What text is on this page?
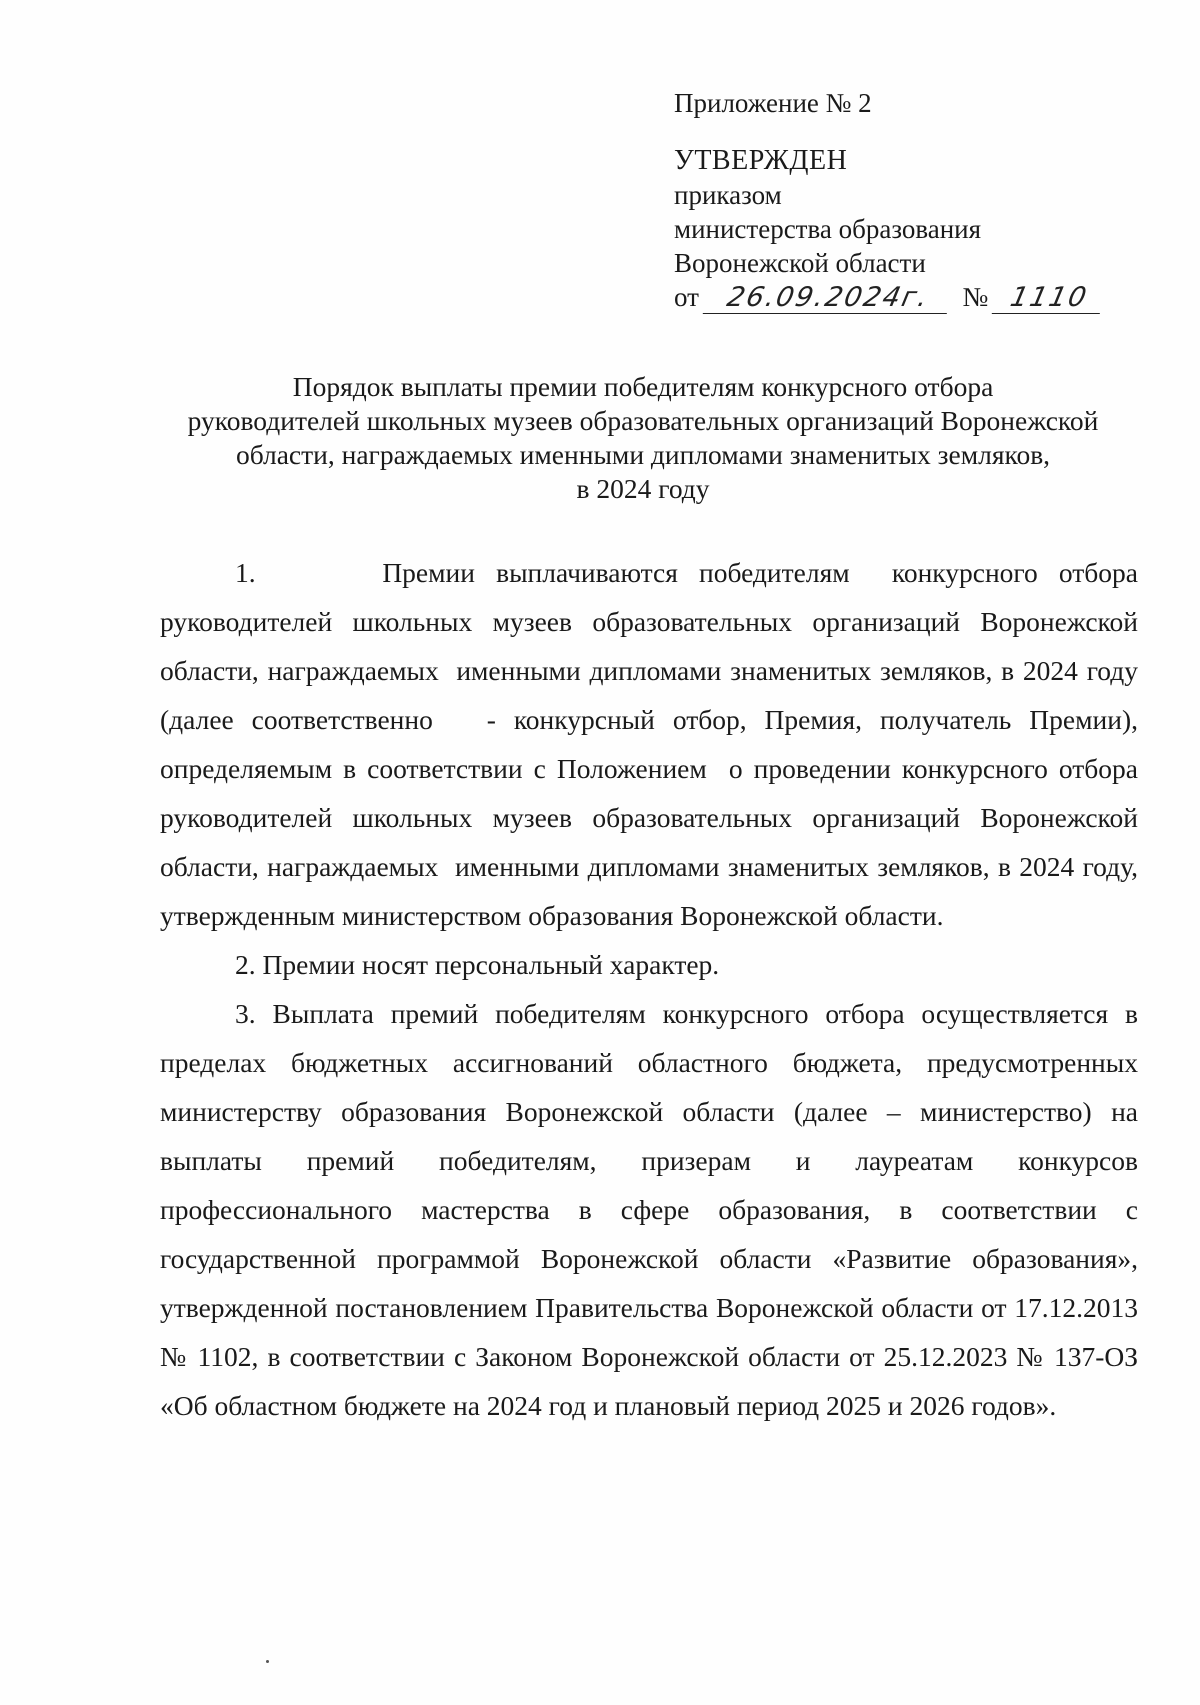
Приложение № 2
УТВЕРЖДЕН
приказом
министерства образования
Воронежской области
от 26.09.2024г. № 1110
Порядок выплаты премии победителям конкурсного отбора
руководителей школьных музеев образовательных организаций Воронежской
области, награждаемых именными дипломами знаменитых земляков,
в 2024 году

1.      Премии выплачиваются победителям  конкурсного отбора руководителей школьных музеев образовательных организаций Воронежской области, награждаемых  именными дипломами знаменитых земляков, в 2024 году (далее соответственно   - конкурсный отбор, Премия, получатель Премии), определяемым в соответствии с Положением  о проведении конкурсного отбора руководителей школьных музеев образовательных организаций Воронежской области, награждаемых  именными дипломами знаменитых земляков, в 2024 году, утвержденным министерством образования Воронежской области.

2. Премии носят персональный характер.

3. Выплата премий победителям конкурсного отбора осуществляется в пределах бюджетных ассигнований областного бюджета, предусмотренных министерству образования Воронежской области (далее – министерство) на выплаты премий победителям, призерам и лауреатам конкурсов профессионального мастерства в сфере образования, в соответствии с государственной программой Воронежской области «Развитие образования», утвержденной постановлением Правительства Воронежской области от 17.12.2013 № 1102, в соответствии с Законом Воронежской области от 25.12.2023 № 137-ОЗ «Об областном бюджете на 2024 год и плановый период 2025 и 2026 годов».
